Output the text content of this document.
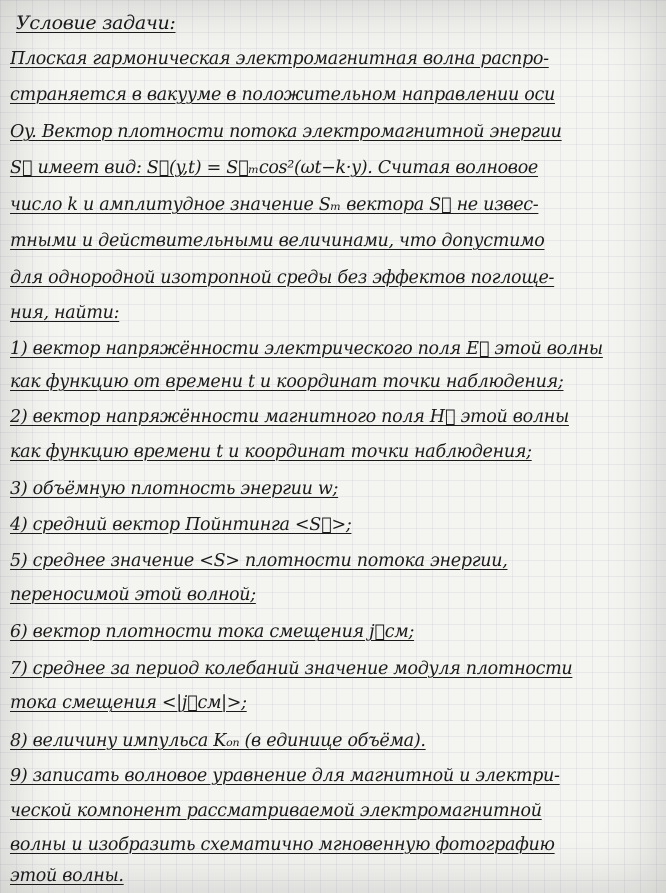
Условие задачи:
Плоская гармоническая электромагнитная волна распро-
страняется в вакууме в положительном направлении оси
Oy. Вектор плотности потока электромагнитной энергии
S⃗ имеет вид: S⃗(y,t) = S⃗ₘcos²(ωt−k·y). Считая волновое
число k и амплитудное значение Sₘ вектора S⃗ не извес-
тными и действительными величинами, что допустимо
для однородной изотропной среды без эффектов поглоще-
ния, найти:
1) вектор напряжённости электрического поля E⃗ этой волны
как функцию от времени t и координат точки наблюдения;
2) вектор напряжённости магнитного поля H⃗ этой волны
как функцию времени t и координат точки наблюдения;
3) объёмную плотность энергии w;
4) средний вектор Пойнтинга <S⃗>;
5) среднее значение <S> плотности потока энергии,
переносимой этой волной;
6) вектор плотности тока смещения j⃗см;
7) среднее за период колебаний значение модуля плотности
тока смещения <|j⃗см|>;
8) величину импульса Kₒₙ (в единице объёма).
9) записать волновое уравнение для магнитной и электри-
ческой компонент рассматриваемой электромагнитной
волны и изобразить схематично мгновенную фотографию
этой волны.
